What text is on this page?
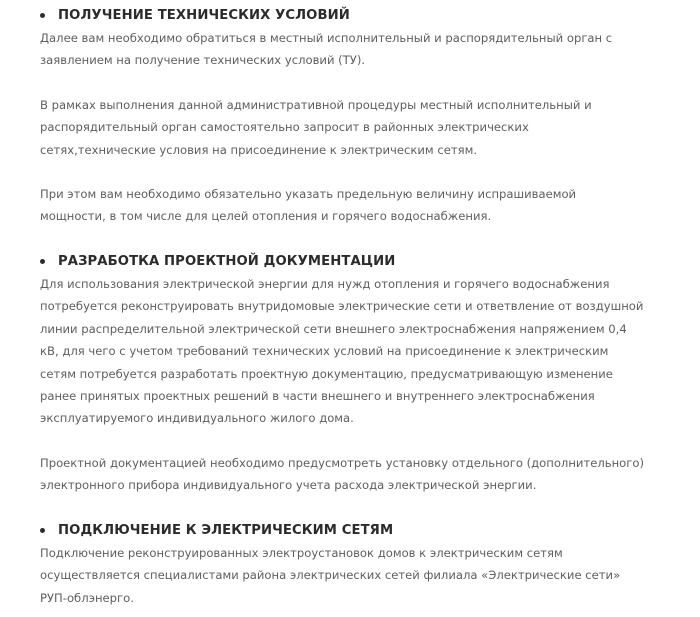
ПОЛУЧЕНИЕ ТЕХНИЧЕСКИХ УСЛОВИЙ
Далее вам необходимо обратиться в местный исполнительный и распорядительный орган с
заявлением на получение технических условий (ТУ).
В рамках выполнения данной административной процедуры местный исполнительный и
распорядительный орган самостоятельно запросит в районных электрических
сетях,технические условия на присоединение к электрическим сетям.
При этом вам необходимо обязательно указать предельную величину испрашиваемой
мощности, в том числе для целей отопления и горячего водоснабжения.
РАЗРАБОТКА ПРОЕКТНОЙ ДОКУМЕНТАЦИИ
Для использования электрической энергии для нужд отопления и горячего водоснабжения
потребуется реконструировать внутридомовые электрические сети и ответвление от воздушной
линии распределительной электрической сети внешнего электроснабжения напряжением 0,4
кВ, для чего с учетом требований технических условий на присоединение к электрическим
сетям потребуется разработать проектную документацию, предусматривающую изменение
ранее принятых проектных решений в части внешнего и внутреннего электроснабжения
эксплуатируемого индивидуального жилого дома.
Проектной документацией необходимо предусмотреть установку отдельного (дополнительного)
электронного прибора индивидуального учета расхода электрической энергии.
ПОДКЛЮЧЕНИЕ К ЭЛЕКТРИЧЕСКИМ СЕТЯМ
Подключение реконструированных электроустановок домов к электрическим сетям
осуществляется специалистами района электрических сетей филиала «Электрические сети»
РУП-облэнерго.
